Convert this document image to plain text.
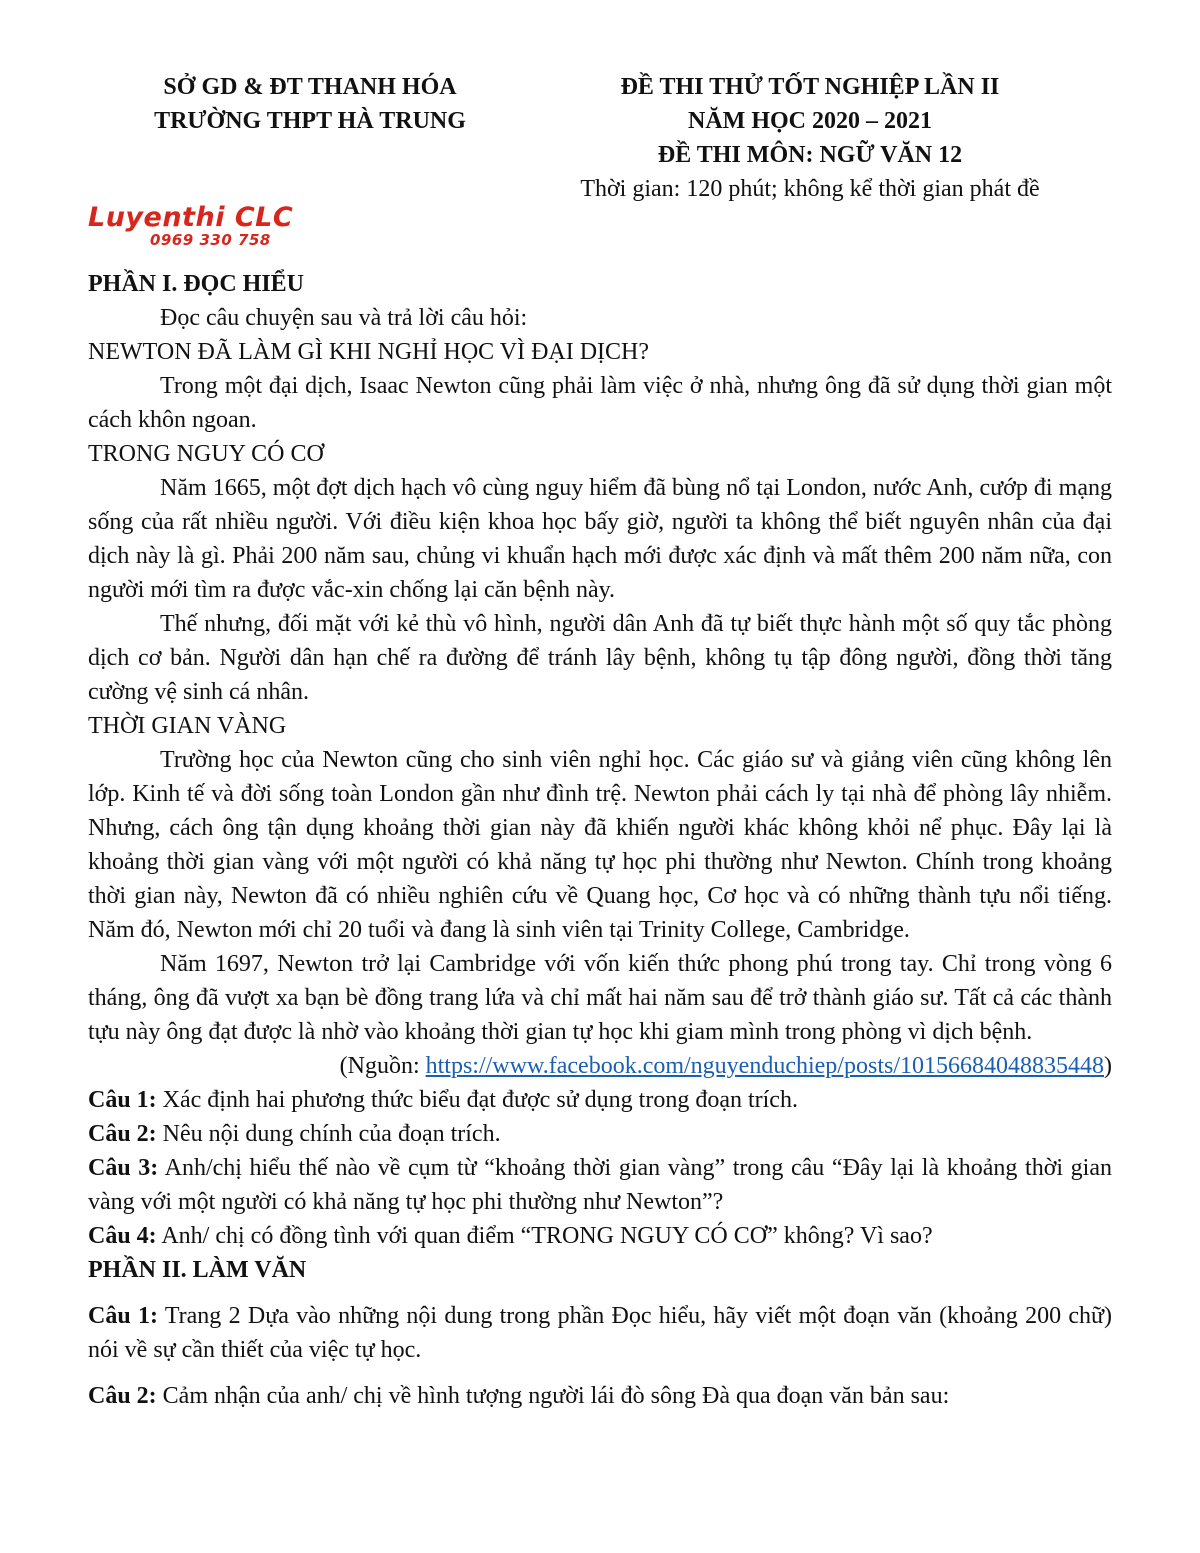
SỞ GD & ĐT THANH HÓA
TRƯỜNG THPT HÀ TRUNG
ĐỀ THI THỬ TỐT NGHIỆP LẦN II
NĂM HỌC 2020 – 2021
ĐỀ THI MÔN: NGỮ VĂN 12
Thời gian: 120 phút; không kể thời gian phát đề
Luyenthi CLC
0969 330 758

PHẦN I. ĐỌC HIỂU

Đọc câu chuyện sau và trả lời câu hỏi:

NEWTON ĐÃ LÀM GÌ KHI NGHỈ HỌC VÌ ĐẠI DỊCH?

Trong một đại dịch, Isaac Newton cũng phải làm việc ở nhà, nhưng ông đã sử dụng thời gian một cách khôn ngoan.

TRONG NGUY CÓ CƠ

Năm 1665, một đợt dịch hạch vô cùng nguy hiểm đã bùng nổ tại London, nước Anh, cướp đi mạng sống của rất nhiều người. Với điều kiện khoa học bấy giờ, người ta không thể biết nguyên nhân của đại dịch này là gì. Phải 200 năm sau, chủng vi khuẩn hạch mới được xác định và mất thêm 200 năm nữa, con người mới tìm ra được vắc-xin chống lại căn bệnh này.

Thế nhưng, đối mặt với kẻ thù vô hình, người dân Anh đã tự biết thực hành một số quy tắc phòng dịch cơ bản. Người dân hạn chế ra đường để tránh lây bệnh, không tụ tập đông người, đồng thời tăng cường vệ sinh cá nhân.

THỜI GIAN VÀNG

Trường học của Newton cũng cho sinh viên nghỉ học. Các giáo sư và giảng viên cũng không lên lớp. Kinh tế và đời sống toàn London gần như đình trệ. Newton phải cách ly tại nhà để phòng lây nhiễm. Nhưng, cách ông tận dụng khoảng thời gian này đã khiến người khác không khỏi nể phục. Đây lại là khoảng thời gian vàng với một người có khả năng tự học phi thường như Newton. Chính trong khoảng thời gian này, Newton đã có nhiều nghiên cứu về Quang học, Cơ học và có những thành tựu nổi tiếng. Năm đó, Newton mới chỉ 20 tuổi và đang là sinh viên tại Trinity College, Cambridge.

Năm 1697, Newton trở lại Cambridge với vốn kiến thức phong phú trong tay. Chỉ trong vòng 6 tháng, ông đã vượt xa bạn bè đồng trang lứa và chỉ mất hai năm sau để trở thành giáo sư. Tất cả các thành tựu này ông đạt được là nhờ vào khoảng thời gian tự học khi giam mình trong phòng vì dịch bệnh.

(Nguồn: https://www.facebook.com/nguyenduchiep/posts/10156684048835448)

Câu 1: Xác định hai phương thức biểu đạt được sử dụng trong đoạn trích.

Câu 2: Nêu nội dung chính của đoạn trích.

Câu 3: Anh/chị hiểu thế nào về cụm từ “khoảng thời gian vàng” trong câu “Đây lại là khoảng thời gian vàng với một người có khả năng tự học phi thường như Newton”?

Câu 4: Anh/ chị có đồng tình với quan điểm “TRONG NGUY CÓ CƠ” không? Vì sao?

PHẦN II. LÀM VĂN

Câu 1: Trang 2 Dựa vào những nội dung trong phần Đọc hiểu, hãy viết một đoạn văn (khoảng 200 chữ) nói về sự cần thiết của việc tự học.

Câu 2: Cảm nhận của anh/ chị về hình tượng người lái đò sông Đà qua đoạn văn bản sau:
